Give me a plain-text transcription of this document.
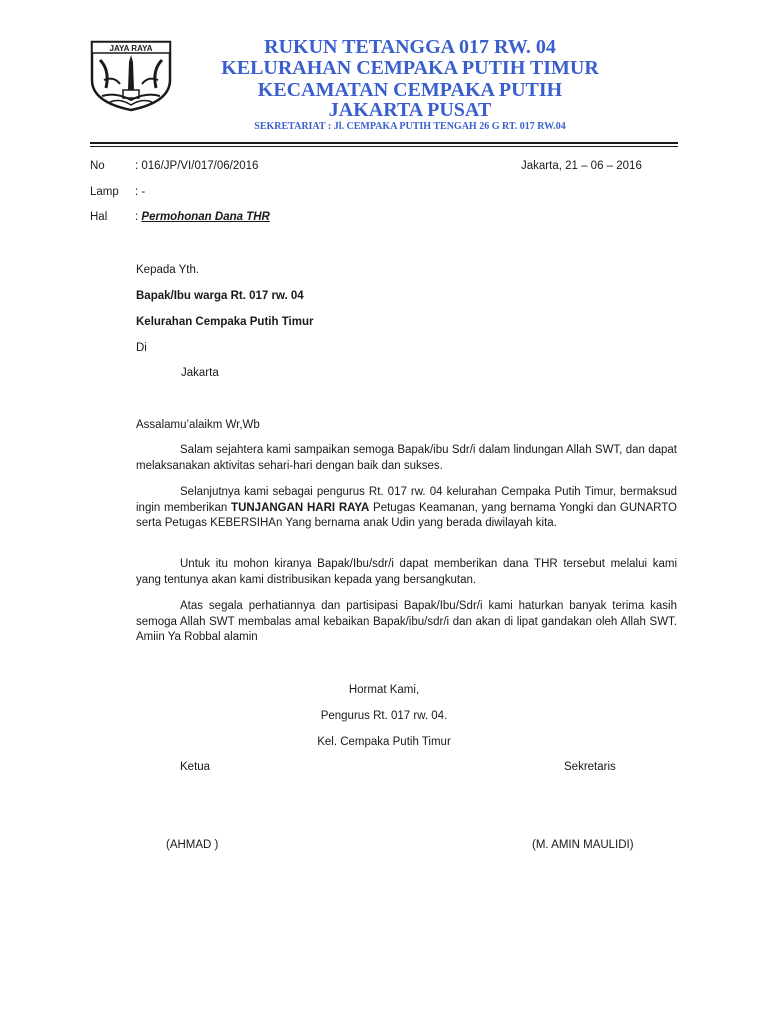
JAYA RAYA	RUKUN TETANGGA 017 RW. 04
KELURAHAN CEMPAKA PUTIH TIMUR
KECAMATAN CEMPAKA PUTIH
JAKARTA PUSAT
SEKRETARIAT : Jl. CEMPAKA PUTIH TENGAH 26 G RT. 017 RW.04
No	: 016/JP/VI/017/06/2016	Jakarta, 21 – 06 – 2016
Lamp : -
Hal : Permohonan Dana THR
Kepada Yth.
Bapak/Ibu warga Rt. 017 rw. 04
Kelurahan Cempaka Putih Timur
Di
Jakarta
Assalamu’alaikm Wr,Wb
Salam sejahtera kami sampaikan semoga Bapak/ibu Sdr/i dalam lindungan Allah SWT, dan dapat melaksanakan aktivitas sehari-hari dengan baik dan sukses.
Selanjutnya kami sebagai pengurus Rt. 017 rw. 04 kelurahan Cempaka Putih Timur, bermaksud ingin memberikan TUNJANGAN HARI RAYA Petugas Keamanan, yang bernama Yongki dan GUNARTO serta Petugas KEBERSIHAn Yang bernama anak Udin yang berada diwilayah kita.
Untuk itu mohon kiranya Bapak/Ibu/sdr/i dapat memberikan dana THR tersebut melalui kami yang tentunya akan kami distribusikan kepada yang bersangkutan.
Atas segala perhatiannya dan partisipasi Bapak/Ibu/Sdr/i kami haturkan banyak terima kasih semoga Allah SWT membalas amal kebaikan Bapak/ibu/sdr/i dan akan di lipat gandakan oleh Allah SWT. Amiin Ya Robbal alamin
Hormat Kami,
Pengurus Rt. 017 rw. 04.
Kel. Cempaka Putih Timur
Ketua	Sekretaris
(AHMAD )	(M. AMIN MAULIDI)
